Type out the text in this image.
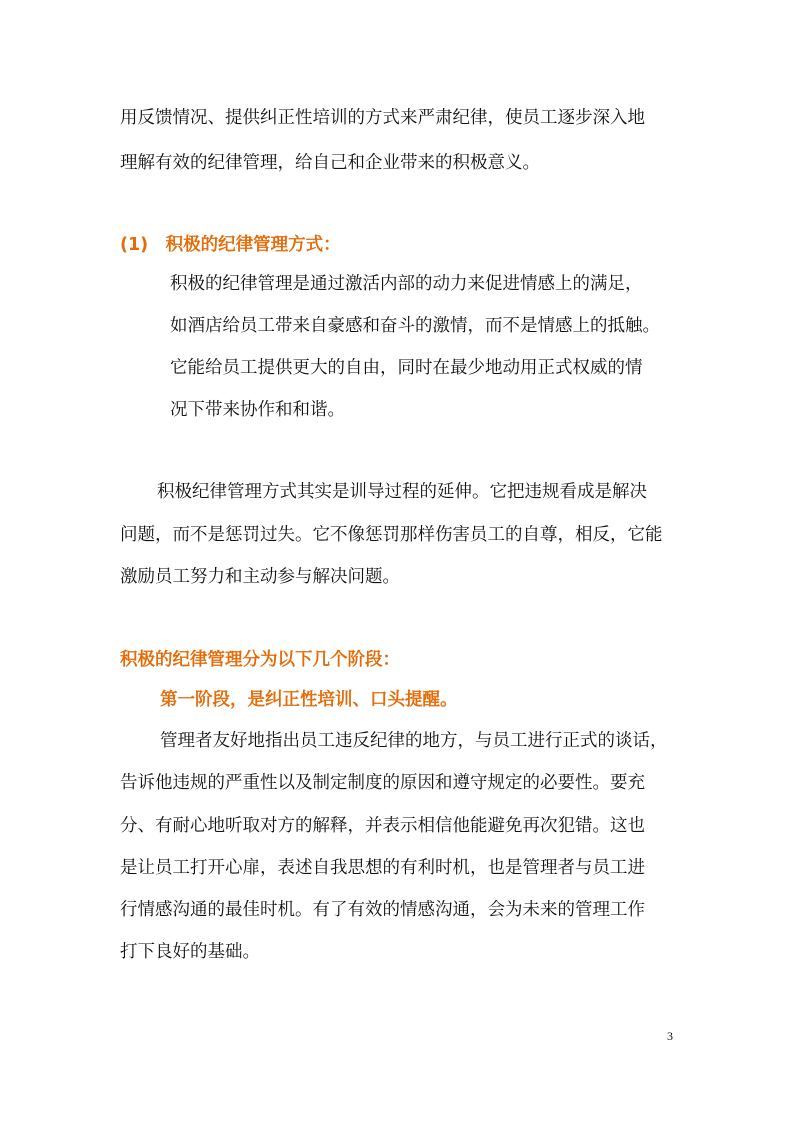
用反馈情况、提供纠正性培训的方式来严肃纪律，使员工逐步深入地
理解有效的纪律管理，给自己和企业带来的积极意义。
(1)　积极的纪律管理方式：
积极的纪律管理是通过激活内部的动力来促进情感上的满足，
如酒店给员工带来自豪感和奋斗的激情，而不是情感上的抵触。
它能给员工提供更大的自由，同时在最少地动用正式权威的情
况下带来协作和和谐。
积极纪律管理方式其实是训导过程的延伸。它把违规看成是解决
问题，而不是惩罚过失。它不像惩罚那样伤害员工的自尊，相反，它能
激励员工努力和主动参与解决问题。
积极的纪律管理分为以下几个阶段：
第一阶段，是纠正性培训、口头提醒。
管理者友好地指出员工违反纪律的地方，与员工进行正式的谈话，
告诉他违规的严重性以及制定制度的原因和遵守规定的必要性。要充
分、有耐心地听取对方的解释，并表示相信他能避免再次犯错。这也
是让员工打开心扉，表述自我思想的有利时机，也是管理者与员工进
行情感沟通的最佳时机。有了有效的情感沟通，会为未来的管理工作
打下良好的基础。
3
